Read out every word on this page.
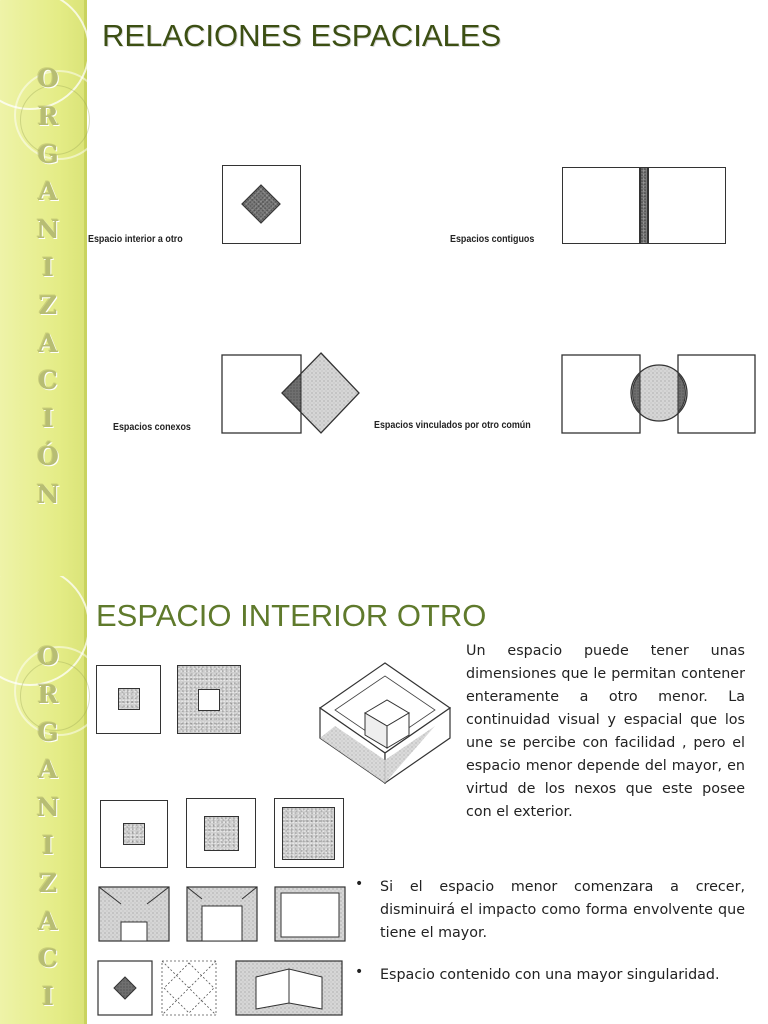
O
R
G
A
N
I
Z
A
C
I
Ó
N
RELACIONES ESPACIALES
Espacio interior a otro	Espacios contiguos
Espacios conexos	Espacios vinculados por otro común
O
R
G
A
N
I
Z
A
C
I
ESPACIO INTERIOR OTRO

Un espacio puede tener unas dimensiones que le permitan contener enteramente a otro menor. La continuidad visual y espacial que los une se percibe con facilidad , pero el espacio menor depende del mayor, en virtud de los nexos que este posee con el exterior.

• Si el espacio menor comenzara a crecer, disminuirá el impacto como forma envolvente que tiene el mayor.

• Espacio contenido con una mayor singularidad.
